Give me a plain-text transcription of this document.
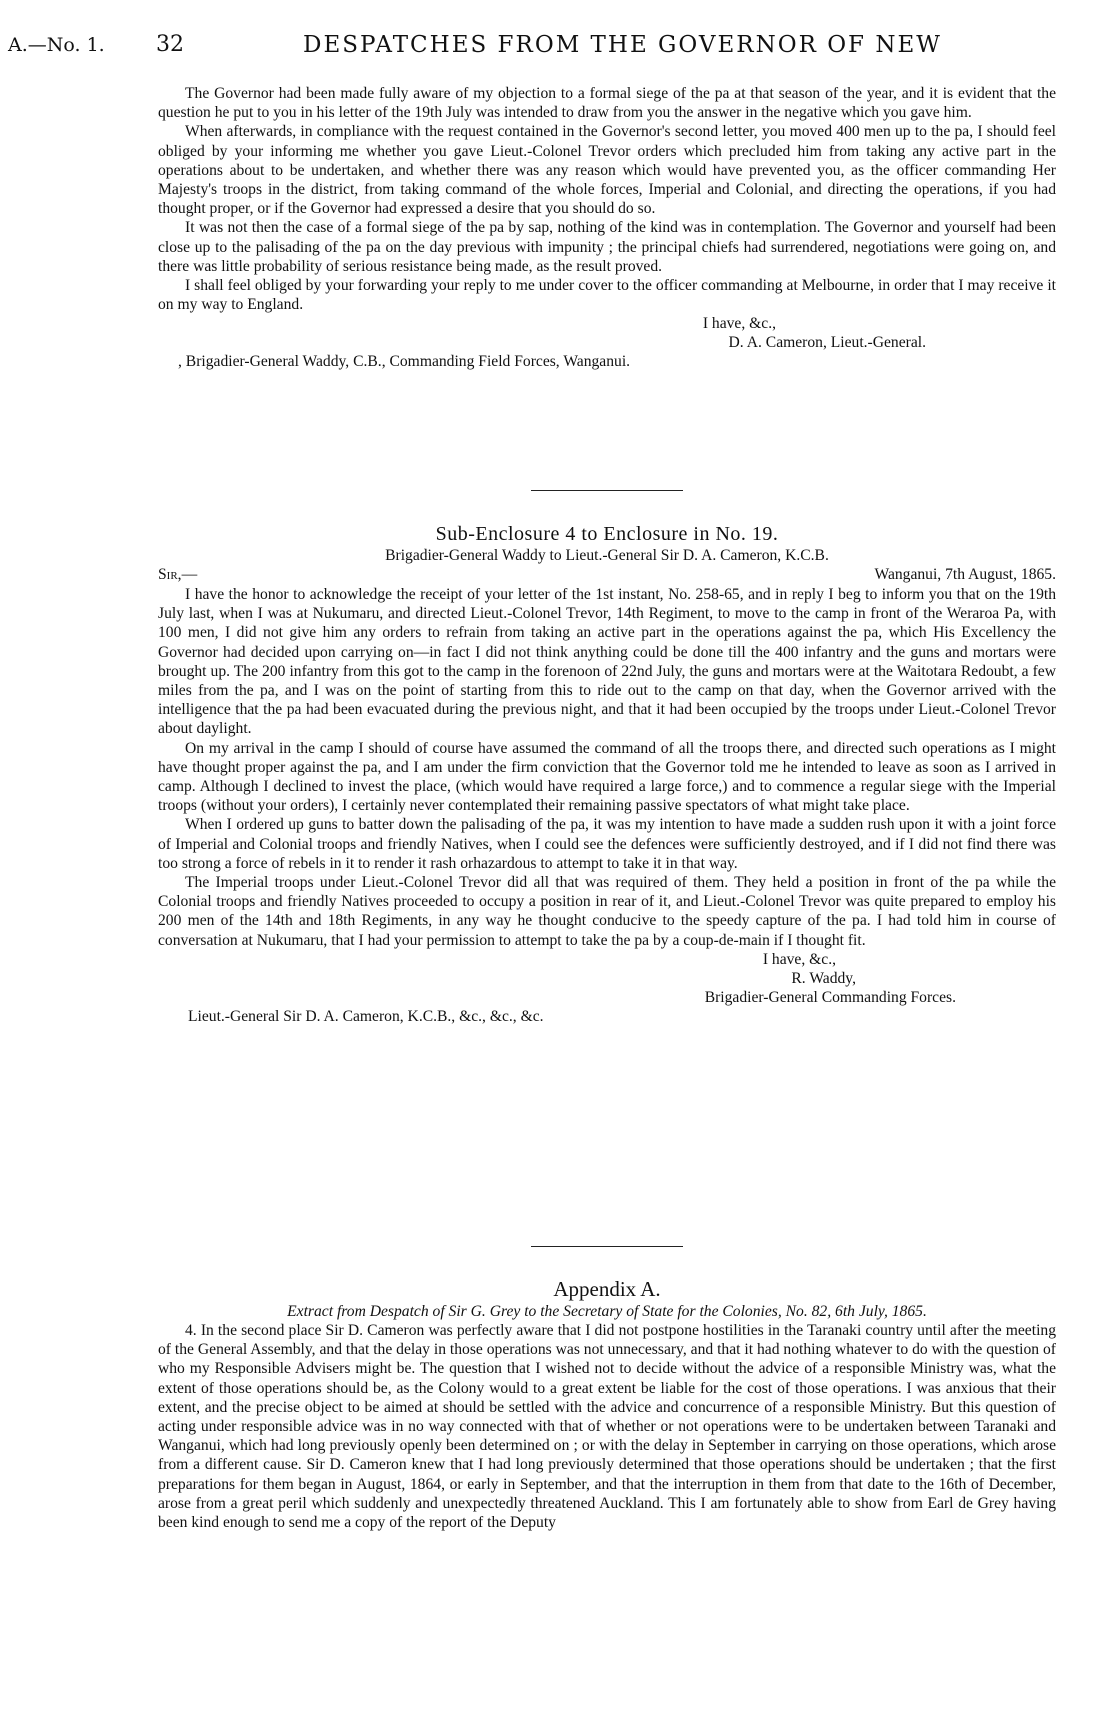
A.—No. 1. 32	DESPATCHES FROM THE GOVERNOR OF NEW

The Governor had been made fully aware of my objection to a formal siege of the pa at that season of the year, and it is evident that the question he put to you in his letter of the 19th July was intended to draw from you the answer in the negative which you gave him.

When afterwards, in compliance with the request contained in the Governor's second letter, you moved 400 men up to the pa, I should feel obliged by your informing me whether you gave Lieut.-Colonel Trevor orders which precluded him from taking any active part in the operations about to be undertaken, and whether there was any reason which would have prevented you, as the officer commanding Her Majesty's troops in the district, from taking command of the whole forces, Imperial and Colonial, and directing the operations, if you had thought proper, or if the Governor had expressed a desire that you should do so.

It was not then the case of a formal siege of the pa by sap, nothing of the kind was in contemplation. The Governor and yourself had been close up to the palisading of the pa on the day previous with impunity ; the principal chiefs had surrendered, negotiations were going on, and there was little probability of serious resistance being made, as the result proved.

I shall feel obliged by your forwarding your reply to me under cover to the officer commanding at Melbourne, in order that I may receive it on my way to England.

I have, &c.,
D. A. Cameron, Lieut.-General.
, Brigadier-General Waddy, C.B., Commanding Field Forces, Wanganui.
Sub-Enclosure 4 to Enclosure in No. 19.
Brigadier-General Waddy to Lieut.-General Sir D. A. Cameron, K.C.B.
Sir,—	Wanganui, 7th August, 1865.

I have the honor to acknowledge the receipt of your letter of the 1st instant, No. 258-65, and in reply I beg to inform you that on the 19th July last, when I was at Nukumaru, and directed Lieut.-Colonel Trevor, 14th Regiment, to move to the camp in front of the Weraroa Pa, with 100 men, I did not give him any orders to refrain from taking an active part in the operations against the pa, which His Excellency the Governor had decided upon carrying on—in fact I did not think anything could be done till the 400 infantry and the guns and mortars were brought up. The 200 infantry from this got to the camp in the forenoon of 22nd July, the guns and mortars were at the Waitotara Redoubt, a few miles from the pa, and I was on the point of starting from this to ride out to the camp on that day, when the Governor arrived with the intelligence that the pa had been evacuated during the previous night, and that it had been occupied by the troops under Lieut.-Colonel Trevor about daylight.

On my arrival in the camp I should of course have assumed the command of all the troops there, and directed such operations as I might have thought proper against the pa, and I am under the firm conviction that the Governor told me he intended to leave as soon as I arrived in camp. Although I declined to invest the place, (which would have required a large force,) and to commence a regular siege with the Imperial troops (without your orders), I certainly never contemplated their remaining passive spectators of what might take place.

When I ordered up guns to batter down the palisading of the pa, it was my intention to have made a sudden rush upon it with a joint force of Imperial and Colonial troops and friendly Natives, when I could see the defences were sufficiently destroyed, and if I did not find there was too strong a force of rebels in it to render it rash orhazardous to attempt to take it in that way.

The Imperial troops under Lieut.-Colonel Trevor did all that was required of them. They held a position in front of the pa while the Colonial troops and friendly Natives proceeded to occupy a position in rear of it, and Lieut.-Colonel Trevor was quite prepared to employ his 200 men of the 14th and 18th Regiments, in any way he thought conducive to the speedy capture of the pa. I had told him in course of conversation at Nukumaru, that I had your permission to attempt to take the pa by a coup-de-main if I thought fit.

I have, &c.,
R. Waddy,
Brigadier-General Commanding Forces.
Lieut.-General Sir D. A. Cameron, K.C.B., &c., &c., &c.
Appendix A.
Extract from Despatch of Sir G. Grey to the Secretary of State for the Colonies, No. 82, 6th July, 1865.

4. In the second place Sir D. Cameron was perfectly aware that I did not postpone hostilities in the Taranaki country until after the meeting of the General Assembly, and that the delay in those operations was not unnecessary, and that it had nothing whatever to do with the question of who my Responsible Advisers might be. The question that I wished not to decide without the advice of a responsible Ministry was, what the extent of those operations should be, as the Colony would to a great extent be liable for the cost of those operations. I was anxious that their extent, and the precise object to be aimed at should be settled with the advice and concurrence of a responsible Ministry. But this question of acting under responsible advice was in no way connected with that of whether or not operations were to be undertaken between Taranaki and Wanganui, which had long previously openly been determined on ; or with the delay in September in carrying on those operations, which arose from a different cause. Sir D. Cameron knew that I had long previously determined that those operations should be undertaken ; that the first preparations for them began in August, 1864, or early in September, and that the interruption in them from that date to the 16th of December, arose from a great peril which suddenly and unexpectedly threatened Auckland. This I am fortunately able to show from Earl de Grey having been kind enough to send me a copy of the report of the Deputy
